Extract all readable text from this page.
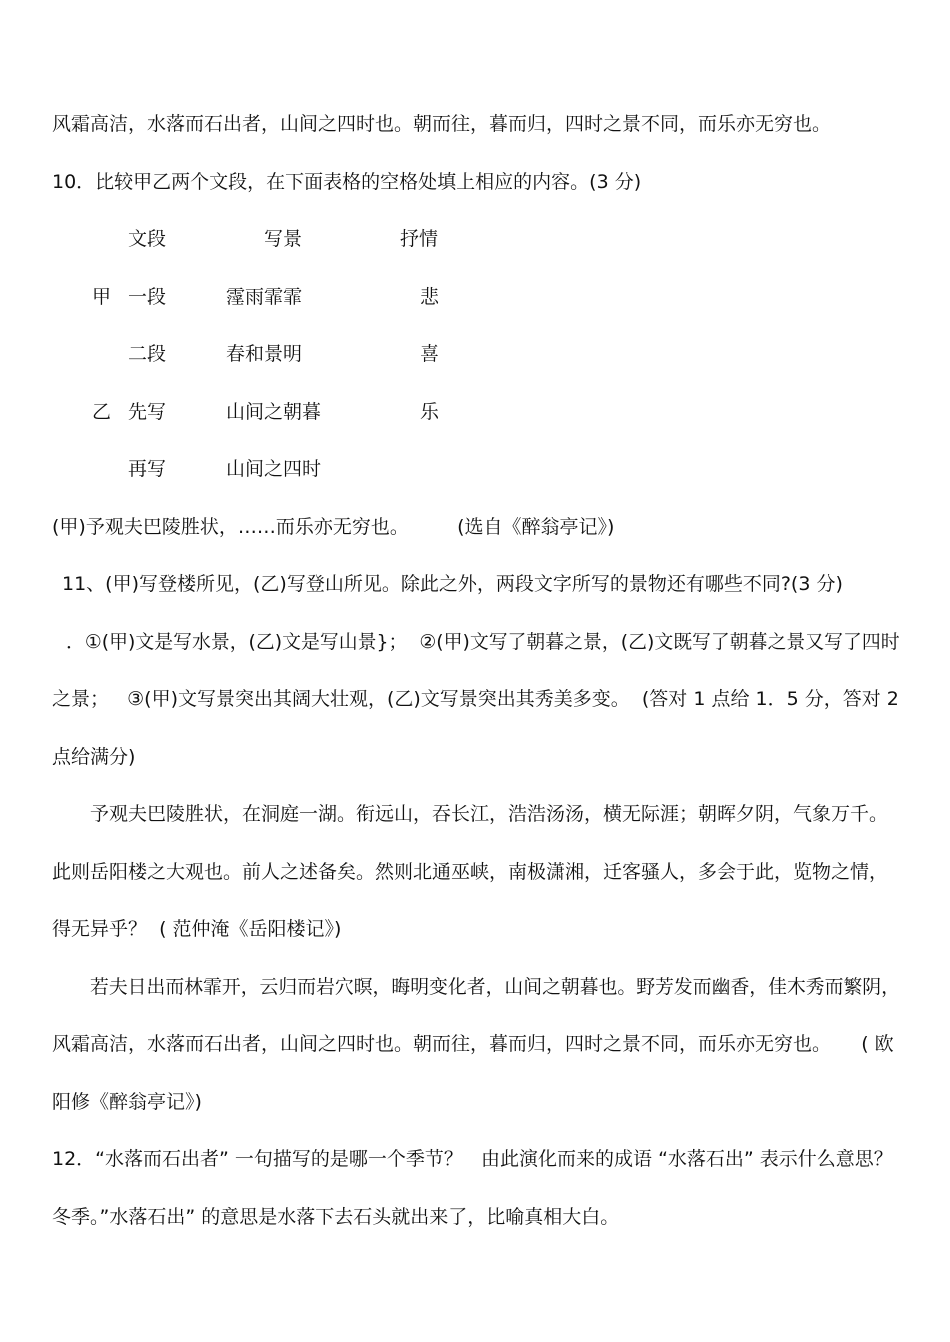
风霜高洁，水落而石出者，山间之四时也。朝而往，暮而归，四时之景不同，而乐亦无穷也。
10．比较甲乙两个文段，在下面表格的空格处填上相应的内容。(3 分)
文段	写景	抒情
甲 一段	霪雨霏霏	悲
二段	春和景明	喜
乙 先写	山间之朝暮	乐
再写	山间之四时
(甲)予观夫巴陵胜状，……而乐亦无穷也。        (选自《醉翁亭记》)
11、(甲)写登楼所见，(乙)写登山所见。除此之外，两段文字所写的景物还有哪些不同?(3 分)
．①(甲)文是写水景，(乙)文是写山景}；  ②(甲)文写了朝暮之景，(乙)文既写了朝暮之景又写了四时
之景；   ③(甲)文写景突出其阔大壮观，(乙)文写景突出其秀美多变。  (答对 1 点给 1．5 分，答对 2
点给满分)
予观夫巴陵胜状，在洞庭一湖。衔远山，吞长江，浩浩汤汤，横无际涯；朝晖夕阴，气象万千。
此则岳阳楼之大观也。前人之述备矣。然则北通巫峡，南极潇湘，迁客骚人，多会于此，览物之情，
得无异乎？  ( 范仲淹《岳阳楼记》)
若夫日出而林霏开，云归而岩穴暝，晦明变化者，山间之朝暮也。野芳发而幽香，佳木秀而繁阴，
风霜高洁，水落而石出者，山间之四时也。朝而往，暮而归，四时之景不同，而乐亦无穷也。     ( 欧
阳修《醉翁亭记》)
12．“水落而石出者” 一句描写的是哪一个季节？   由此演化而来的成语 “水落石出” 表示什么意思？
冬季。”水落石出” 的意思是水落下去石头就出来了，比喻真相大白。
